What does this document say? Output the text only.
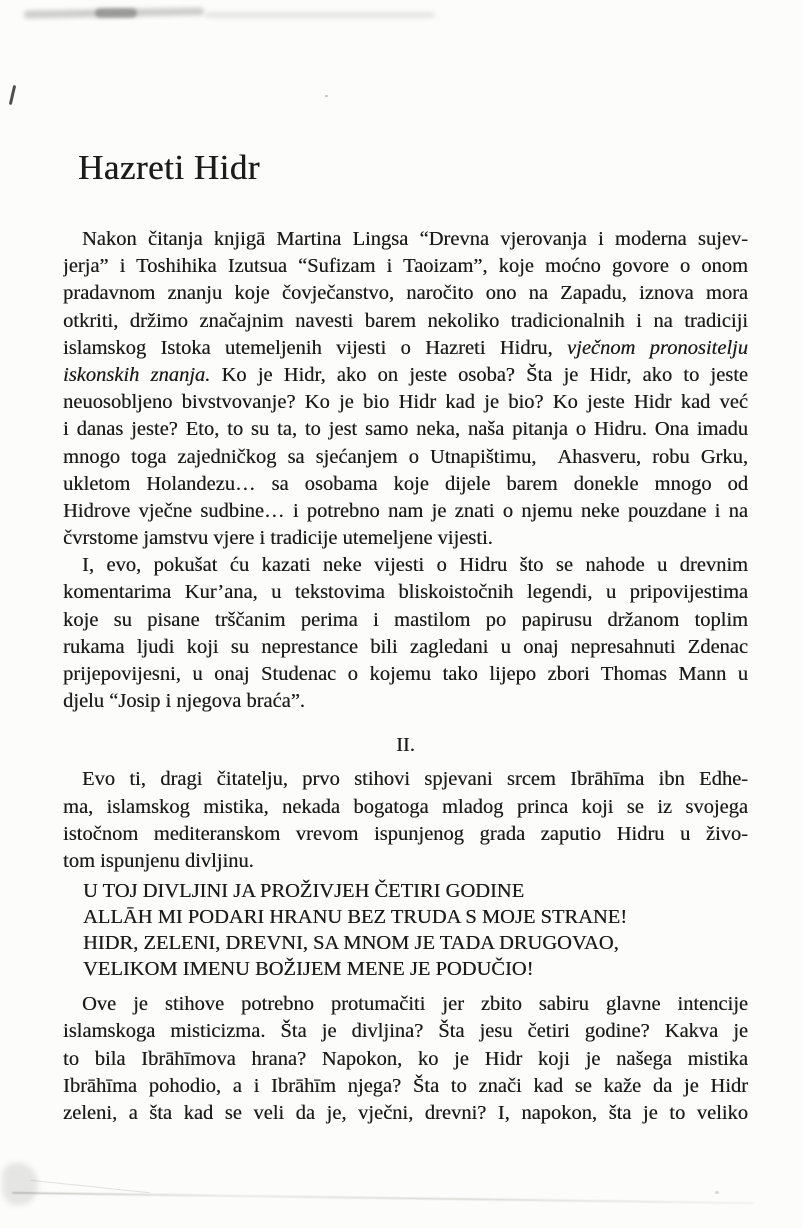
Hazreti Hidr
Nakon čitanja knjigā Martina Lingsa “Drevna vjerovanja i moderna sujev-
jerja” i Toshihika Izutsua “Sufizam i Taoizam”, koje moćno govore o onom
pradavnom znanju koje čovječanstvo, naročito ono na Zapadu, iznova mora
otkriti, držimo značajnim navesti barem nekoliko tradicionalnih i na tradiciji
islamskog Istoka utemeljenih vijesti o Hazreti Hidru, vječnom pronositelju
iskonskih znanja. Ko je Hidr, ako on jeste osoba? Šta je Hidr, ako to jeste
neuosobljeno bivstvovanje? Ko je bio Hidr kad je bio? Ko jeste Hidr kad već
i danas jeste? Eto, to su ta, to jest samo neka, naša pitanja o Hidru. Ona imadu
mnogo toga zajedničkog sa sjećanjem o Utnapištimu,  Ahasveru, robu Grku,
ukletom Holandezu… sa osobama koje dijele barem donekle mnogo od
Hidrove vječne sudbine… i potrebno nam je znati o njemu neke pouzdane i na
čvrstome jamstvu vjere i tradicije utemeljene vijesti.
I, evo, pokušat ću kazati neke vijesti o Hidru što se nahode u drevnim
komentarima Kur’ana, u tekstovima bliskoistočnih legendi, u pripovijestima
koje su pisane trščanim perima i mastilom po papirusu držanom toplim
rukama ljudi koji su neprestance bili zagledani u onaj nepresahnuti Zdenac
prijepovijesni, u onaj Studenac o kojemu tako lijepo zbori Thomas Mann u
djelu “Josip i njegova braća”.
II.
Evo ti, dragi čitatelju, prvo stihovi spjevani srcem Ibrāhīma ibn Edhe-
ma, islamskog mistika, nekada bogatoga mladog princa koji se iz svojega
istočnom mediteranskom vrevom ispunjenog grada zaputio Hidru u živo-
tom ispunjenu divljinu.
U TOJ DIVLJINI JA PROŽIVJEH ČETIRI GODINE
ALLĀH MI PODARI HRANU BEZ TRUDA S MOJE STRANE!
HIDR, ZELENI, DREVNI, SA MNOM JE TADA DRUGOVAO,
VELIKOM IMENU BOŽIJEM MENE JE PODUČIO!
Ove je stihove potrebno protumačiti jer zbito sabiru glavne intencije
islamskoga misticizma. Šta je divljina? Šta jesu četiri godine? Kakva je
to bila Ibrāhīmova hrana? Napokon, ko je Hidr koji je našega mistika
Ibrāhīma pohodio, a i Ibrāhīm njega? Šta to znači kad se kaže da je Hidr
zeleni, a šta kad se veli da je, vječni, drevni? I, napokon, šta je to veliko
